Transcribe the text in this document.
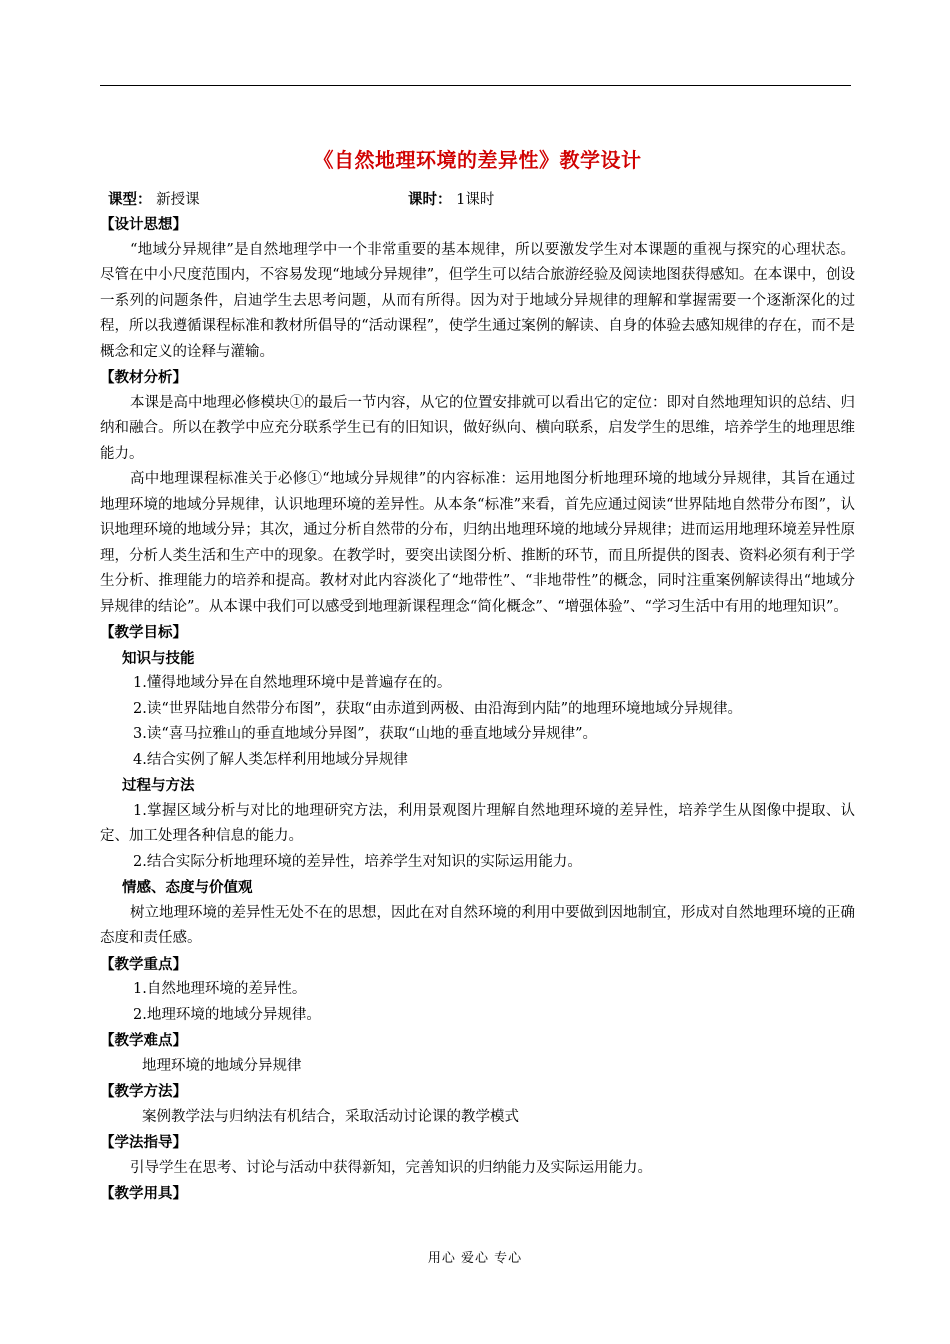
《自然地理环境的差异性》教学设计
课型： 新授课	课时： 1课时

【设计思想】

“地域分异规律”是自然地理学中一个非常重要的基本规律，所以要激发学生对本课题的重视与探究的心理状态。尽管在中小尺度范围内，不容易发现“地域分异规律”，但学生可以结合旅游经验及阅读地图获得感知。在本课中，创设一系列的问题条件，启迪学生去思考问题，从而有所得。因为对于地域分异规律的理解和掌握需要一个逐渐深化的过程，所以我遵循课程标准和教材所倡导的“活动课程”，使学生通过案例的解读、自身的体验去感知规律的存在，而不是概念和定义的诠释与灌输。

【教材分析】

本课是高中地理必修模块①的最后一节内容，从它的位置安排就可以看出它的定位：即对自然地理知识的总结、归纳和融合。所以在教学中应充分联系学生已有的旧知识，做好纵向、横向联系，启发学生的思维，培养学生的地理思维能力。

高中地理课程标准关于必修①“地域分异规律”的内容标准：运用地图分析地理环境的地域分异规律，其旨在通过地理环境的地域分异规律，认识地理环境的差异性。从本条“标准”来看，首先应通过阅读“世界陆地自然带分布图”，认识地理环境的地域分异；其次，通过分析自然带的分布，归纳出地理环境的地域分异规律；进而运用地理环境差异性原理，分析人类生活和生产中的现象。在教学时，要突出读图分析、推断的环节，而且所提供的图表、资料必须有利于学生分析、推理能力的培养和提高。教材对此内容淡化了“地带性”、“非地带性”的概念，同时注重案例解读得出“地域分异规律的结论”。从本课中我们可以感受到地理新课程理念“简化概念”、“增强体验”、“学习生活中有用的地理知识”。

【教学目标】

知识与技能

1.懂得地域分异在自然地理环境中是普遍存在的。

2.读“世界陆地自然带分布图”，获取“由赤道到两极、由沿海到内陆”的地理环境地域分异规律。

3.读“喜马拉雅山的垂直地域分异图”，获取“山地的垂直地域分异规律”。

4.结合实例了解人类怎样利用地域分异规律

过程与方法

1.掌握区域分析与对比的地理研究方法，利用景观图片理解自然地理环境的差异性，培养学生从图像中提取、认定、加工处理各种信息的能力。

2.结合实际分析地理环境的差异性，培养学生对知识的实际运用能力。

情感、态度与价值观

树立地理环境的差异性无处不在的思想，因此在对自然环境的利用中要做到因地制宜，形成对自然地理环境的正确态度和责任感。

【教学重点】

1.自然地理环境的差异性。

2.地理环境的地域分异规律。

【教学难点】

地理环境的地域分异规律

【教学方法】

案例教学法与归纳法有机结合，采取活动讨论课的教学模式

【学法指导】

引导学生在思考、讨论与活动中获得新知，完善知识的归纳能力及实际运用能力。

【教学用具】

用心 爱心 专心
